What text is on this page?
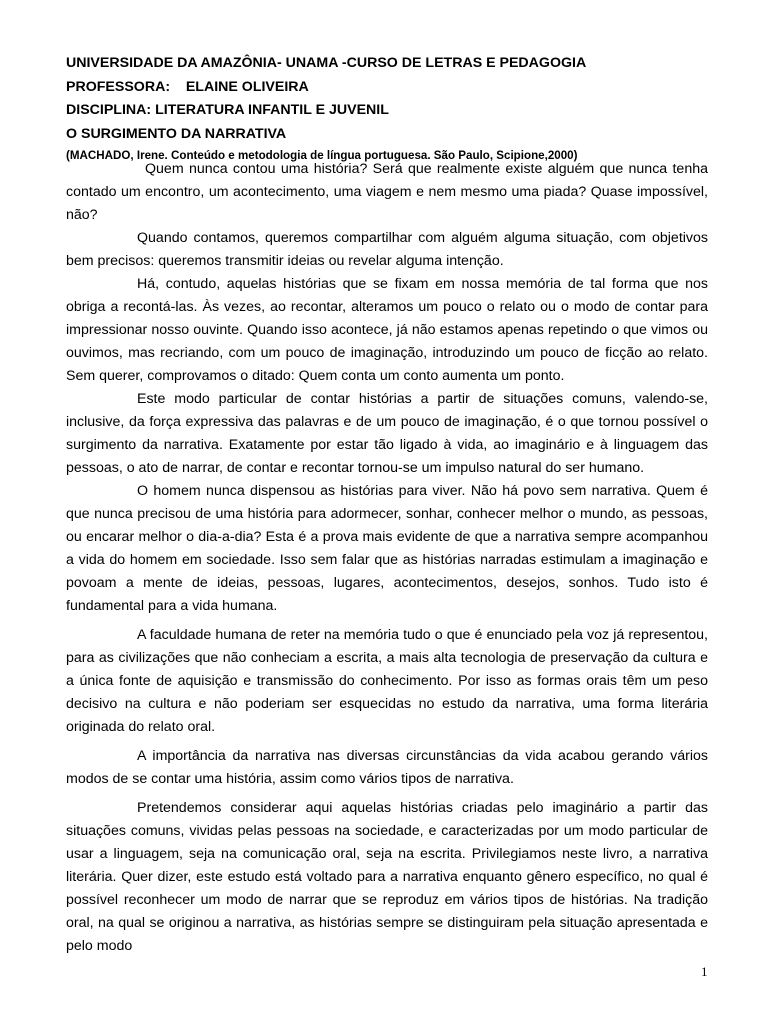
UNIVERSIDADE DA AMAZÔNIA- UNAMA -CURSO DE LETRAS E PEDAGOGIA
PROFESSORA:    ELAINE OLIVEIRA
DISCIPLINA: LITERATURA INFANTIL E JUVENIL
O SURGIMENTO DA NARRATIVA
(MACHADO, Irene. Conteúdo e metodologia de língua portuguesa. São Paulo, Scipione,2000)

Quem nunca contou uma história? Será que realmente existe alguém que nunca tenha contado um encontro, um acontecimento, uma viagem e nem mesmo uma piada? Quase impossível, não?

Quando contamos, queremos compartilhar com alguém alguma situação, com objetivos bem precisos: queremos transmitir ideias ou revelar alguma intenção.

Há, contudo, aquelas histórias que se fixam em nossa memória de tal forma que nos obriga a recontá-las. Às vezes, ao recontar, alteramos um pouco o relato ou o modo de contar para impressionar nosso ouvinte. Quando isso acontece, já não estamos apenas repetindo o que vimos ou ouvimos, mas recriando, com um pouco de imaginação, introduzindo um pouco de ficção ao relato. Sem querer, comprovamos o ditado: Quem conta um conto aumenta um ponto.

Este modo particular de contar histórias a partir de situações comuns, valendo-se, inclusive, da força expressiva das palavras e de um pouco de imaginação, é o que tornou possível o surgimento da narrativa. Exatamente por estar tão ligado à vida, ao imaginário e à linguagem das pessoas, o ato de narrar, de contar e recontar tornou-se um impulso natural do ser humano.

O homem nunca dispensou as histórias para viver. Não há povo sem narrativa. Quem é que nunca precisou de uma história para adormecer, sonhar, conhecer melhor o mundo, as pessoas, ou encarar melhor o dia-a-dia? Esta é a prova mais evidente de que a narrativa sempre acompanhou a vida do homem em sociedade. Isso sem falar que as histórias narradas estimulam a imaginação e povoam a mente de ideias, pessoas, lugares, acontecimentos, desejos, sonhos. Tudo isto é fundamental para a vida humana.

A faculdade humana de reter na memória tudo o que é enunciado pela voz já representou, para as civilizações que não conheciam a escrita, a mais alta tecnologia de preservação da cultura e a única fonte de aquisição e transmissão do conhecimento. Por isso as formas orais têm um peso decisivo na cultura e não poderiam ser esquecidas no estudo da narrativa, uma forma literária originada do relato oral.

A importância da narrativa nas diversas circunstâncias da vida acabou gerando vários modos de se contar uma história, assim como vários tipos de narrativa.

Pretendemos considerar aqui aquelas histórias criadas pelo imaginário a partir das situações comuns, vividas pelas pessoas na sociedade, e caracterizadas por um modo particular de usar a linguagem, seja na comunicação oral, seja na escrita. Privilegiamos neste livro, a narrativa literária. Quer dizer, este estudo está voltado para a narrativa enquanto gênero específico, no qual é possível reconhecer um modo de narrar que se reproduz em vários tipos de histórias. Na tradição oral, na qual se originou a narrativa, as histórias sempre se distinguiram pela situação apresentada e pelo modo

1
